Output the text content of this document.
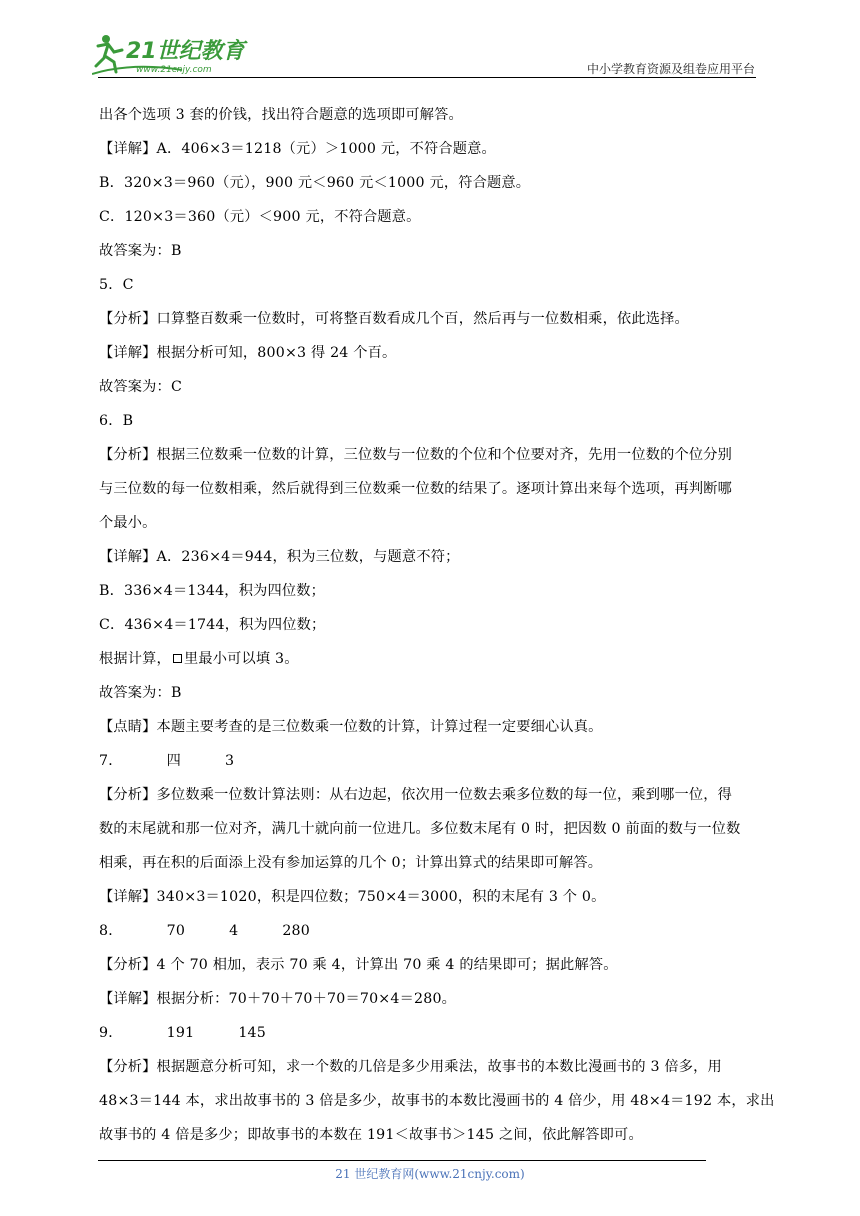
21世纪教育
www.21cnjy.com	中小学教育资源及组卷应用平台
出各个选项 3 套的价钱，找出符合题意的选项即可解答。
【详解】A．406×3＝1218（元）＞1000 元，不符合题意。
B．320×3＝960（元），900 元＜960 元＜1000 元，符合题意。
C．120×3＝360（元）＜900 元，不符合题意。
故答案为：B
5．C
【分析】口算整百数乘一位数时，可将整百数看成几个百，然后再与一位数相乘，依此选择。
【详解】根据分析可知，800×3 得 24 个百。
故答案为：C
6．B
【分析】根据三位数乘一位数的计算，三位数与一位数的个位和个位要对齐，先用一位数的个位分别
与三位数的每一位数相乘，然后就得到三位数乘一位数的结果了。逐项计算出来每个选项，再判断哪
个最小。
【详解】A．236×4＝944，积为三位数，与题意不符；
B．336×4＝1344，积为四位数；
C．436×4＝1744，积为四位数；
根据计算， 里最小可以填 3。
故答案为：B
【点睛】本题主要考查的是三位数乘一位数的计算，计算过程一定要细心认真。
7．	四	3
【分析】多位数乘一位数计算法则：从右边起，依次用一位数去乘多位数的每一位，乘到哪一位，得
数的末尾就和那一位对齐，满几十就向前一位进几。多位数末尾有 0 时，把因数 0 前面的数与一位数
相乘，再在积的后面添上没有参加运算的几个 0；计算出算式的结果即可解答。
【详解】340×3＝1020，积是四位数；750×4＝3000，积的末尾有 3 个 0。
8．	70	4	280
【分析】4 个 70 相加，表示 70 乘 4，计算出 70 乘 4 的结果即可；据此解答。
【详解】根据分析：70＋70＋70＋70＝70×4＝280。
9．	191	145
【分析】根据题意分析可知，求一个数的几倍是多少用乘法，故事书的本数比漫画书的 3 倍多，用
48×3＝144 本，求出故事书的 3 倍是多少，故事书的本数比漫画书的 4 倍少，用 48×4＝192 本，求出
故事书的 4 倍是多少；即故事书的本数在 191＜故事书＞145 之间，依此解答即可。
21 世纪教育网(www.21cnjy.com)
